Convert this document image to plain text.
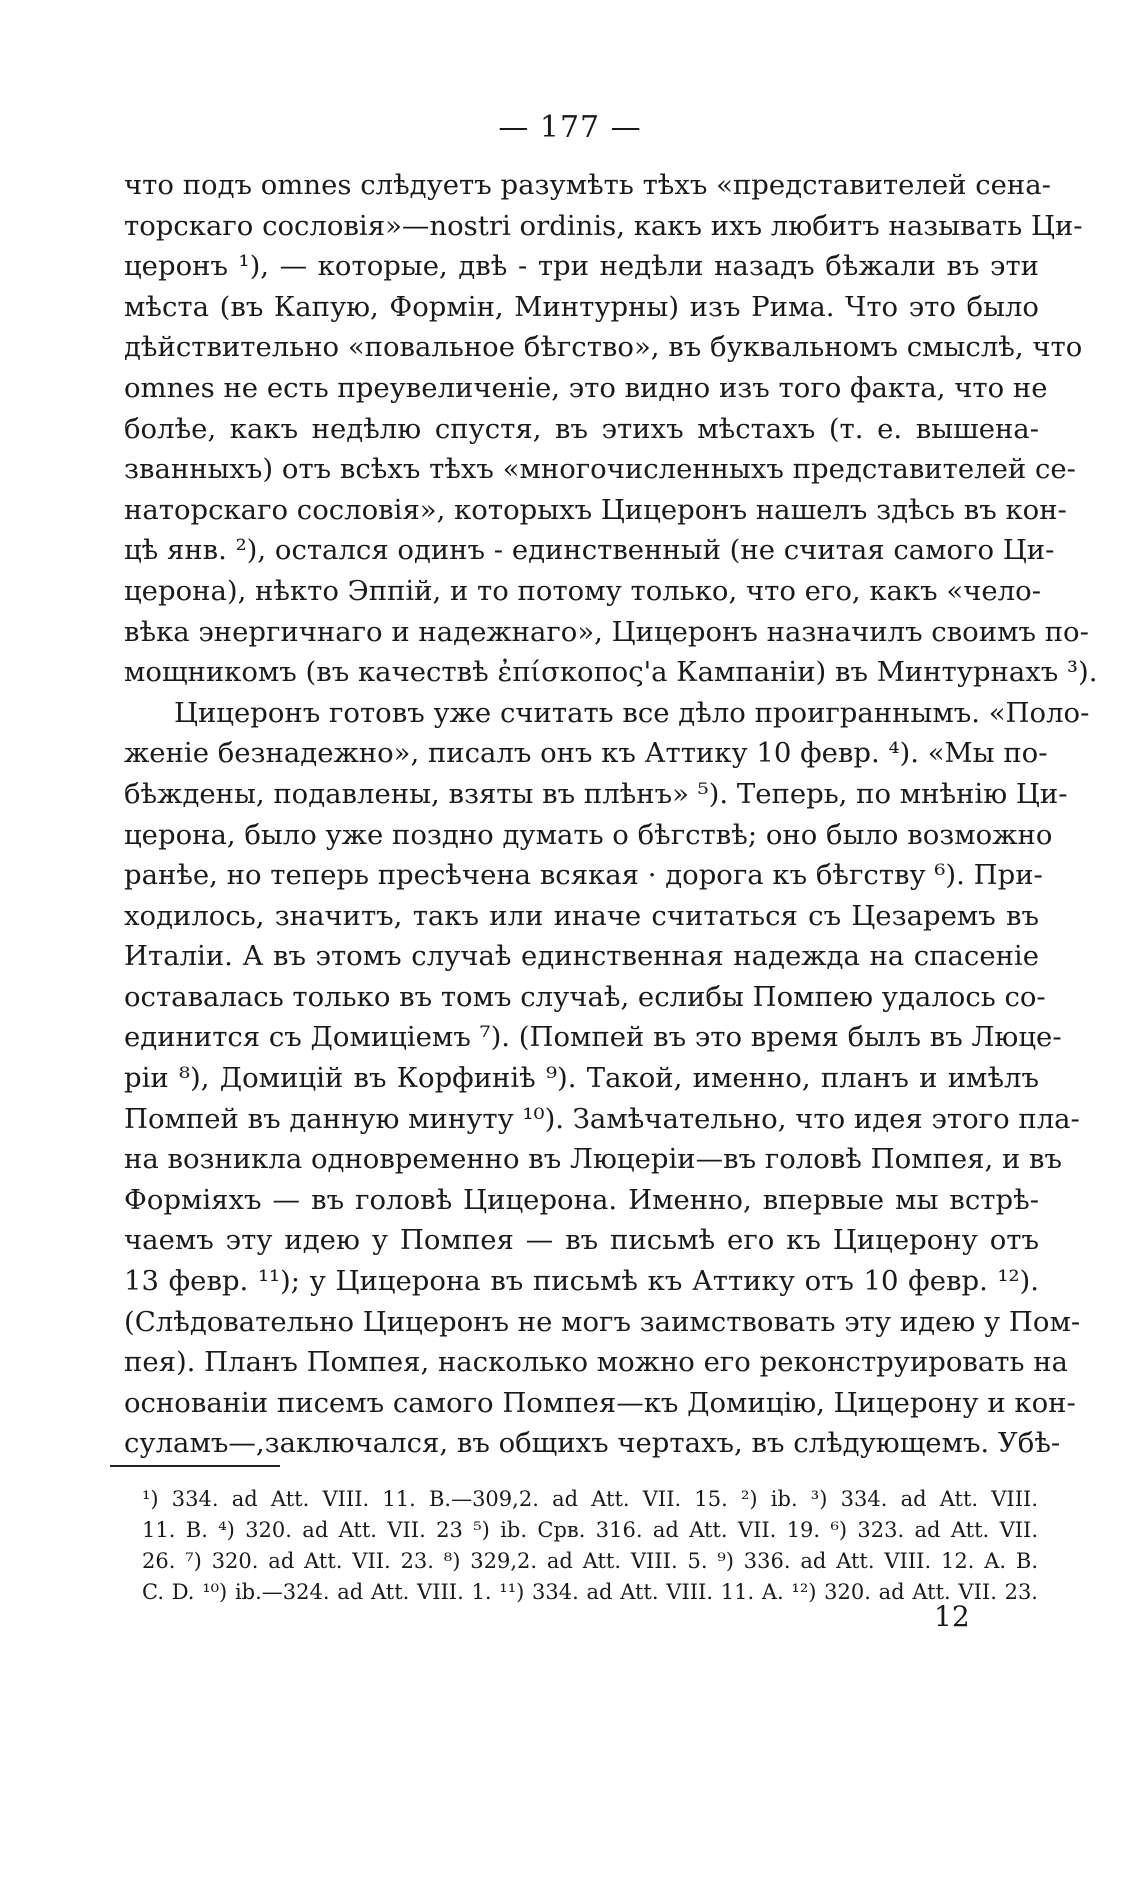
— 177 —
что подъ omnes слѣдуетъ разумѣть тѣхъ «представителей сена-
торскаго сословія»—nostri ordinis, какъ ихъ любитъ называть Ци-
церонъ ¹), — которые, двѣ - три недѣли назадъ бѣжали въ эти
мѣста (въ Капую, Формін, Минтурны) изъ Рима. Что это было
дѣйствительно «повальное бѣгство», въ буквальномъ смыслѣ, что
omnes не есть преувеличеніе, это видно изъ того факта, что не
болѣе, какъ недѣлю спустя, въ этихъ мѣстахъ (т. е. вышена-
званныхъ) отъ всѣхъ тѣхъ «многочисленныхъ представителей се-
наторскаго сословія», которыхъ Цицеронъ нашелъ здѣсь въ кон-
цѣ янв. ²), остался одинъ - единственный (не считая самого Ци-
церона), нѣкто Эппій, и то потому только, что его, какъ «чело-
вѣка энергичнаго и надежнаго», Цицеронъ назначилъ своимъ по-
мощникомъ (въ качествѣ ἐπίσκοπος'а Кампаніи) въ Минтурнахъ ³).
Цицеронъ готовъ уже считать все дѣло проиграннымъ. «Поло-
женіе безнадежно», писалъ онъ къ Аттику 10 февр. ⁴). «Мы по-
бѣждены, подавлены, взяты въ плѣнъ» ⁵). Теперь, по мнѣнію Ци-
церона, было уже поздно думать о бѣгствѣ; оно было возможно
ранѣе, но теперь пресѣчена всякая · дорога къ бѣгству ⁶). При-
ходилось, значитъ, такъ или иначе считаться съ Цезаремъ въ
Италіи. А въ этомъ случаѣ единственная надежда на спасеніе
оставалась только въ томъ случаѣ, еслибы Помпею удалось со-
единится съ Домиціемъ ⁷). (Помпей въ это время былъ въ Люце-
ріи ⁸), Домицій въ Корфиніѣ ⁹). Такой, именно, планъ и имѣлъ
Помпей въ данную минуту ¹⁰). Замѣчательно, что идея этого пла-
на возникла одновременно въ Люцеріи—въ головѣ Помпея, и въ
Форміяхъ — въ головѣ Цицерона. Именно, впервые мы встрѣ-
чаемъ эту идею у Помпея — въ письмѣ его къ Цицерону отъ
13 февр. ¹¹); у Цицерона въ письмѣ къ Аттику отъ 10 февр. ¹²).
(Слѣдовательно Цицеронъ не могъ заимствовать эту идею у Пом-
пея). Планъ Помпея, насколько можно его реконструировать на
основаніи писемъ самого Помпея—къ Домицію, Цицерону и кон-
суламъ—,заключался, въ общихъ чертахъ, въ слѣдующемъ. Убѣ-
¹) 334. ad Att. VIII. 11. B.—309,2. ad Att. VII. 15. ²) ib. ³) 334. ad Att. VIII.
11. B. ⁴) 320. ad Att. VII. 23 ⁵) ib. Срв. 316. ad Att. VII. 19. ⁶) 323. ad Att. VII.
26. ⁷) 320. ad Att. VII. 23. ⁸) 329,2. ad Att. VIII. 5. ⁹) 336. ad Att. VIII. 12. A. B.
C. D. ¹⁰) ib.—324. ad Att. VIII. 1. ¹¹) 334. ad Att. VIII. 11. A. ¹²) 320. ad Att. VII. 23.
12
